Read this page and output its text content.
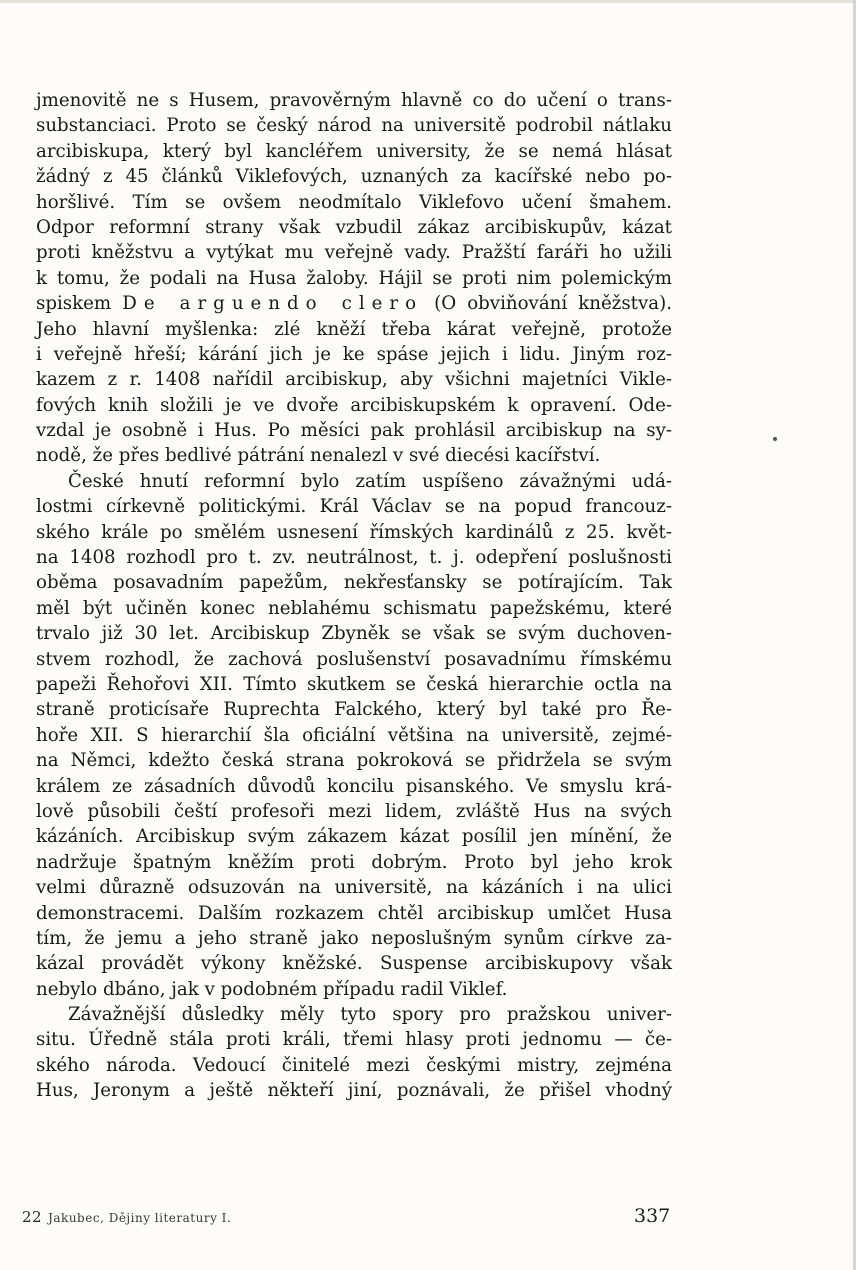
jmenovitě ne s Husem, pravověrným hlavně co do učení o trans-
substanciaci. Proto se český národ na universitě podrobil nátlaku
arcibiskupa, který byl kancléřem university, že se nemá hlásat
žádný z 45 článků Viklefových, uznaných za kacířské nebo po-
horšlivé. Tím se ovšem neodmítalo Viklefovo učení šmahem.
Odpor reformní strany však vzbudil zákaz arcibiskupův, kázat
proti kněžstvu a vytýkat mu veřejně vady. Pražští faráři ho užili
k tomu, že podali na Husa žaloby. Hájil se proti nim polemickým
spiskem De arguendo clero (O obviňování kněžstva).
Jeho hlavní myšlenka: zlé kněží třeba kárat veřejně, protože
i veřejně hřeší; kárání jich je ke spáse jejich i lidu. Jiným roz-
kazem z r. 1408 nařídil arcibiskup, aby všichni majetníci Vikle-
fových knih složili je ve dvoře arcibiskupském k opravení. Ode-
vzdal je osobně i Hus. Po měsíci pak prohlásil arcibiskup na sy-
nodě, že přes bedlivé pátrání nenalezl v své diecési kacířství.
České hnutí reformní bylo zatím uspíšeno závažnými udá-
lostmi církevně politickými. Král Václav se na popud francouz-
ského krále po smělém usnesení římských kardinálů z 25. květ-
na 1408 rozhodl pro t. zv. neutrálnost, t. j. odepření poslušnosti
oběma posavadním papežům, nekřesťansky se potírajícím. Tak
měl být učiněn konec neblahému schismatu papežskému, které
trvalo již 30 let. Arcibiskup Zbyněk se však se svým duchoven-
stvem rozhodl, že zachová poslušenství posavadnímu římskému
papeži Řehořovi XII. Tímto skutkem se česká hierarchie octla na
straně proticísaře Ruprechta Falckého, který byl také pro Ře-
hoře XII. S hierarchií šla oficiální většina na universitě, zejmé-
na Němci, kdežto česká strana pokroková se přidržela se svým
králem ze zásadních důvodů koncilu pisanského. Ve smyslu krá-
lově působili čeští profesoři mezi lidem, zvláště Hus na svých
kázáních. Arcibiskup svým zákazem kázat posílil jen mínění, že
nadržuje špatným kněžím proti dobrým. Proto byl jeho krok
velmi důrazně odsuzován na universitě, na kázáních i na ulici
demonstracemi. Dalším rozkazem chtěl arcibiskup umlčet Husa
tím, že jemu a jeho straně jako neposlušným synům církve za-
kázal provádět výkony kněžské. Suspense arcibiskupovy však
nebylo dbáno, jak v podobném případu radil Viklef.
Závažnější důsledky měly tyto spory pro pražskou univer-
situ. Úředně stála proti králi, třemi hlasy proti jednomu — če-
ského národa. Vedoucí činitelé mezi českými mistry, zejména
Hus, Jeronym a ještě někteří jiní, poznávali, že přišel vhodný
22 Jakubec, Dějiny literatury I.	337
